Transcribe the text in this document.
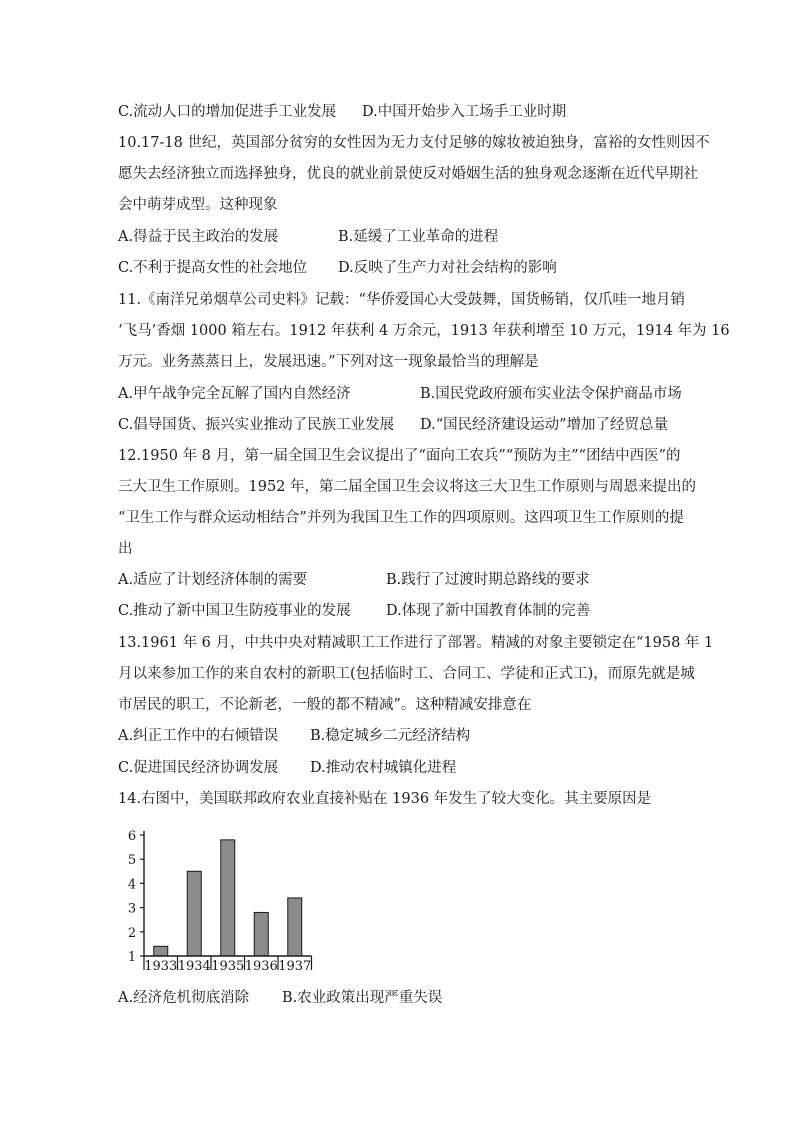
C.流动人口的增加促进手工业发展 D.中国开始步入工场手工业时期
10.17-18 世纪，英国部分贫穷的女性因为无力支付足够的嫁妆被迫独身，富裕的女性则因不
愿失去经济独立而选择独身，优良的就业前景使反对婚姻生活的独身观念逐渐在近代早期社
会中萌芽成型。这种现象
A.得益于民主政治的发展	B.延缓了工业革命的进程
C.不利于提高女性的社会地位 D.反映了生产力对社会结构的影响
11.《南洋兄弟烟草公司史料》记载：“华侨爱国心大受鼓舞，国货畅销，仅爪哇一地月销
‘飞马’香烟 1000 箱左右。1912 年获利 4 万余元，1913 年获利增至 10 万元，1914 年为 16
万元。业务蒸蒸日上，发展迅速。”下列对这一现象最恰当的理解是
A.甲午战争完全瓦解了国内自然经济	B.国民党政府颁布实业法令保护商品市场
C.倡导国货、振兴实业推动了民族工业发展 D.“国民经济建设运动”增加了经贸总量
12.1950 年 8 月，第一届全国卫生会议提出了“面向工农兵”“预防为主”“团结中西医”的
三大卫生工作原则。1952 年，第二届全国卫生会议将这三大卫生工作原则与周恩来提出的
“卫生工作与群众运动相结合”并列为我国卫生工作的四项原则。这四项卫生工作原则的提
出
A.适应了计划经济体制的需要	B.践行了过渡时期总路线的要求
C.推动了新中国卫生防疫事业的发展 D.体现了新中国教育体制的完善
13.1961 年 6 月，中共中央对精减职工工作进行了部署。精减的对象主要锁定在“1958 年 1
月以来参加工作的来自农村的新职工(包括临时工、合同工、学徒和正式工)，而原先就是城
市居民的职工，不论新老，一般的都不精减”。这种精减安排意在
A.纠正工作中的右倾错误 B.稳定城乡二元经济结构
C.促进国民经济协调发展 D.推动农村城镇化进程
14.右图中，美国联邦政府农业直接补贴在 1936 年发生了较大变化。其主要原因是
1
2
3
4
5
6
1933 1934 1935 1936 1937
A.经济危机彻底消除 B.农业政策出现严重失误
